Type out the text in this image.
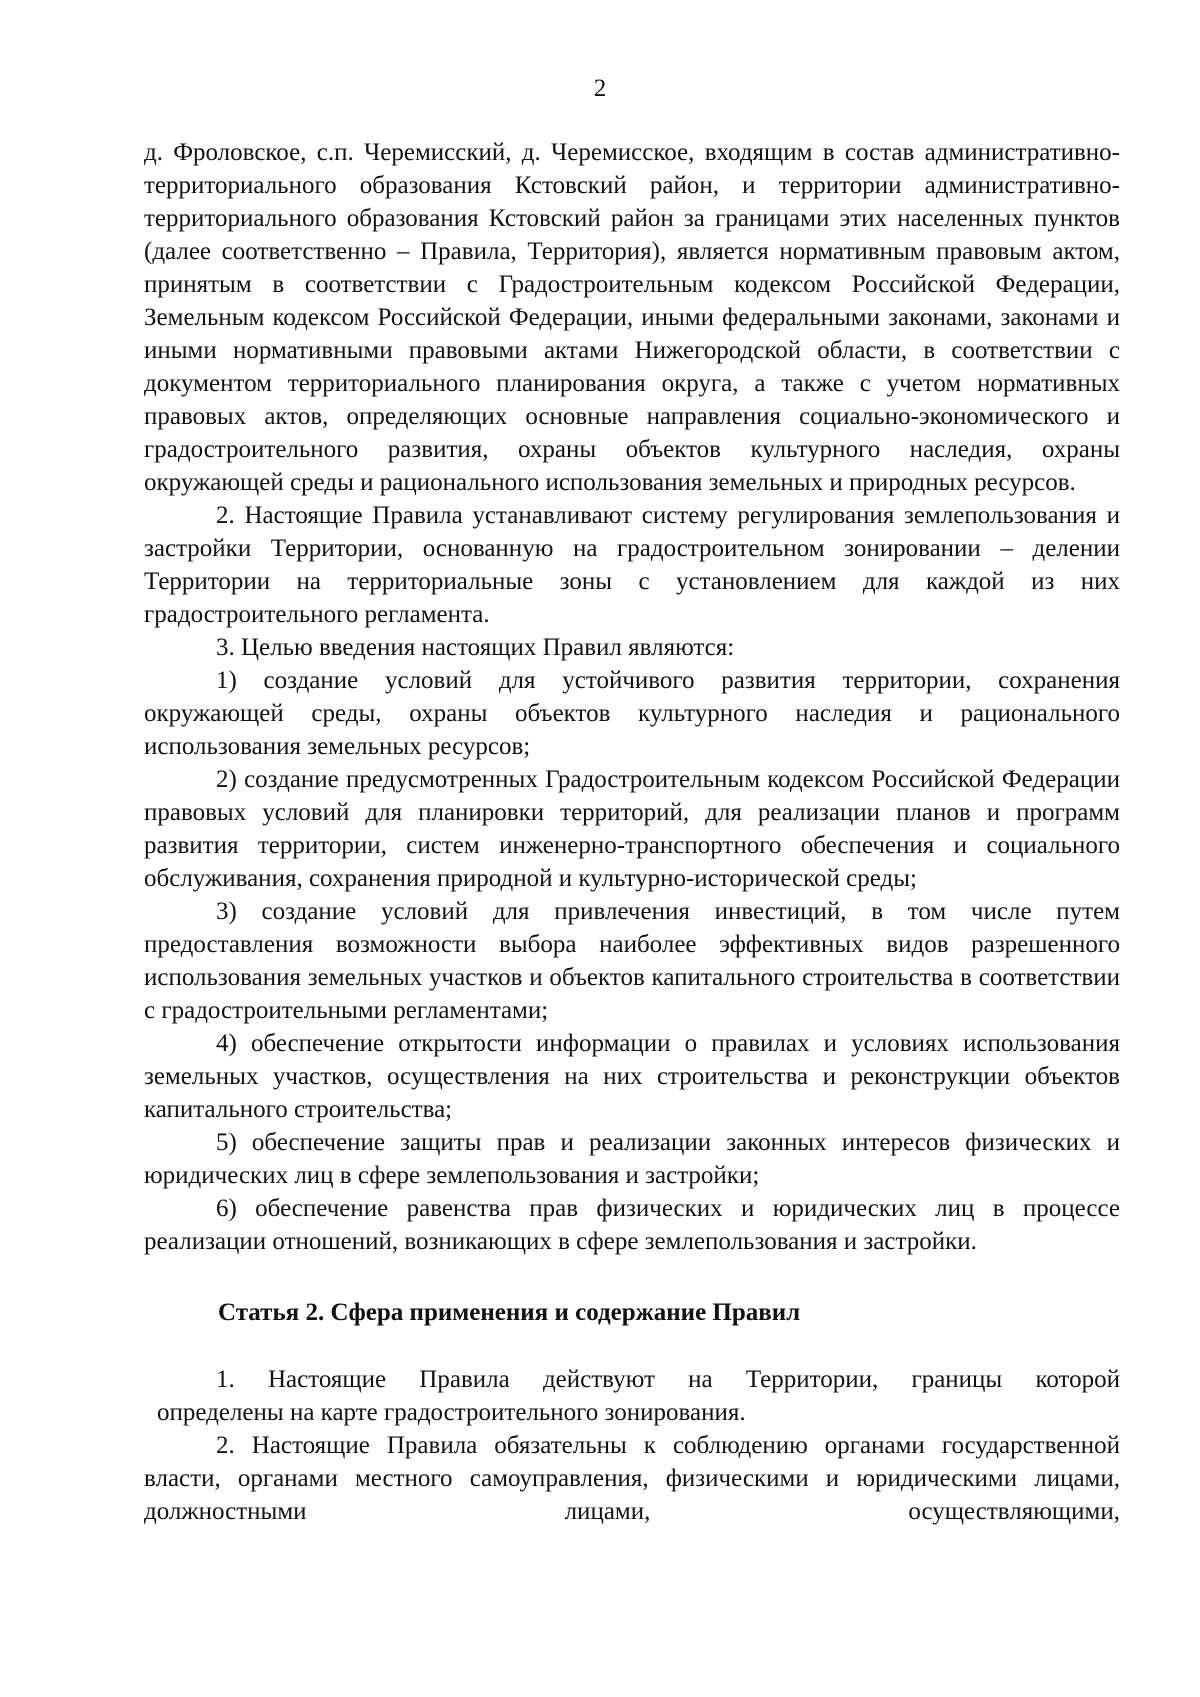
2

д. Фроловское, с.п. Черемисский, д. Черемисское, входящим в состав административно-территориального образования Кстовский район, и территории административно-территориального образования Кстовский район за границами этих населенных пунктов (далее соответственно – Правила, Территория), является нормативным правовым актом, принятым в соответствии с Градостроительным кодексом Российской Федерации, Земельным кодексом Российской Федерации, иными федеральными законами, законами и иными нормативными правовыми актами Нижегородской области, в соответствии с документом территориального планирования округа, а также с учетом нормативных правовых актов, определяющих основные направления социально-экономического и градостроительного развития, охраны объектов культурного наследия, охраны окружающей среды и рационального использования земельных и природных ресурсов.

2. Настоящие Правила устанавливают систему регулирования землепользования и застройки Территории, основанную на градостроительном зонировании – делении Территории на территориальные зоны с установлением для каждой из них градостроительного регламента.

3. Целью введения настоящих Правил являются:

1) создание условий для устойчивого развития территории, сохранения окружающей среды, охраны объектов культурного наследия и рационального использования земельных ресурсов;

2) создание предусмотренных Градостроительным кодексом Российской Федерации правовых условий для планировки территорий, для реализации планов и программ развития территории, систем инженерно-транспортного обеспечения и социального обслуживания, сохранения природной и культурно-исторической среды;

3) создание условий для привлечения инвестиций, в том числе путем предоставления возможности выбора наиболее эффективных видов разрешенного использования земельных участков и объектов капитального строительства в соответствии с градостроительными регламентами;

4) обеспечение открытости информации о правилах и условиях использования земельных участков, осуществления на них строительства и реконструкции объектов капитального строительства;

5) обеспечение защиты прав и реализации законных интересов физических и юридических лиц в сфере землепользования и застройки;

6) обеспечение равенства прав физических и юридических лиц в процессе реализации отношений, возникающих в сфере землепользования и застройки.

Статья 2. Сфера применения и содержание Правил

1. Настоящие Правила действуют на Территории, границы которой

определены на карте градостроительного зонирования.

2. Настоящие Правила обязательны к соблюдению органами государственной власти, органами местного самоуправления, физическими и юридическими лицами, должностными лицами, осуществляющими,
